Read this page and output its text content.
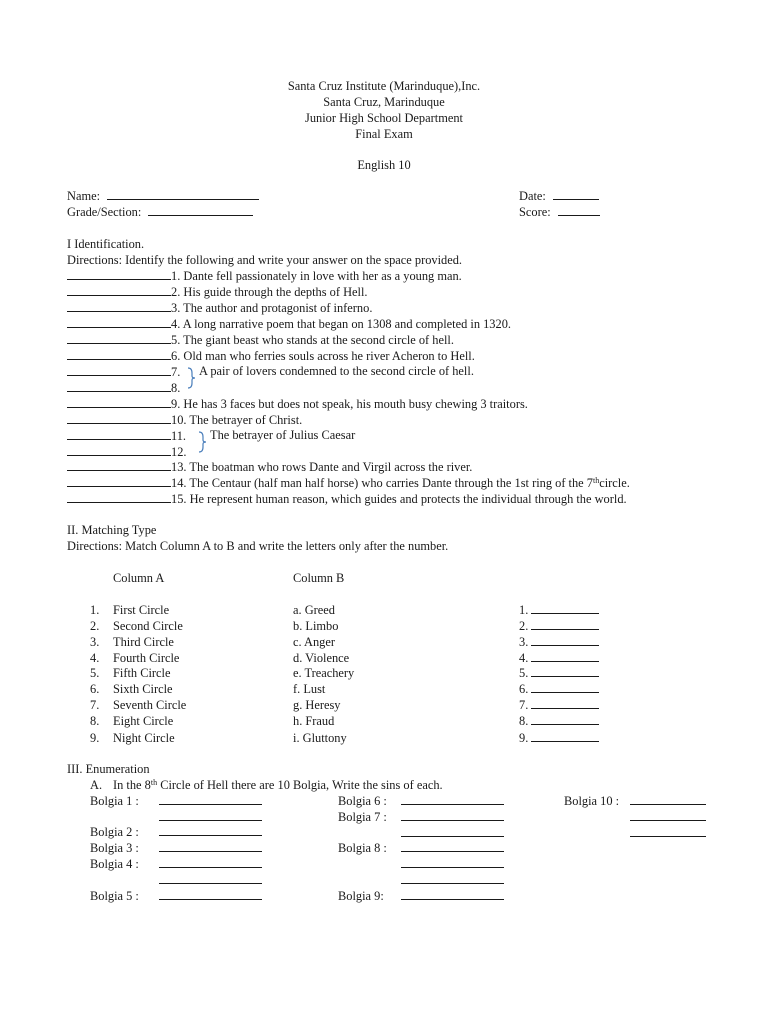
Santa Cruz Institute (Marinduque),Inc.
Santa Cruz, Marinduque
Junior High School Department
Final Exam
English 10
Name:
Grade/Section:
Date:
Score:
I Identification.
Directions: Identify the following and write your answer on the space provided.
1. Dante fell passionately in love with her as a young man.
2. His guide through the depths of Hell.
3. The author and protagonist of inferno.
4. A long narrative poem that began on 1308 and completed in 1320.
5. The giant beast who stands at the second circle of hell.
6. Old man who ferries souls across he river Acheron to Hell.
7.
8.
A pair of lovers condemned to the second circle of hell.
9. He has 3 faces but does not speak, his mouth busy chewing 3 traitors.
10. The betrayer of Christ.
11.
12.
The betrayer of Julius Caesar
13. The boatman who rows Dante and Virgil across the river.
14. The Centaur (half man half horse) who carries Dante through the 1st ring of the 7thcircle.
15. He represent human reason, which guides and protects the individual through the world.
II. Matching Type
Directions: Match Column A to B and write the letters only after the number.
Column A	Column B
1. First Circle	a. Greed	1.
2. Second Circle	b. Limbo	2.
3. Third Circle	c. Anger	3.
4. Fourth Circle	d. Violence	4.
5. Fifth Circle	e. Treachery	5.
6. Sixth Circle	f. Lust	6.
7. Seventh Circle	g. Heresy	7.
8. Eight Circle	h. Fraud	8.
9. Night Circle	i. Gluttony	9.
III. Enumeration
A. In the 8th Circle of Hell there are 10 Bolgia, Write the sins of each.
Bolgia 1 :
Bolgia 2 :
Bolgia 3 :
Bolgia 4 :
Bolgia 5 :
Bolgia 6 :
Bolgia 7 :
Bolgia 8 :
Bolgia 9:
Bolgia 10 :
